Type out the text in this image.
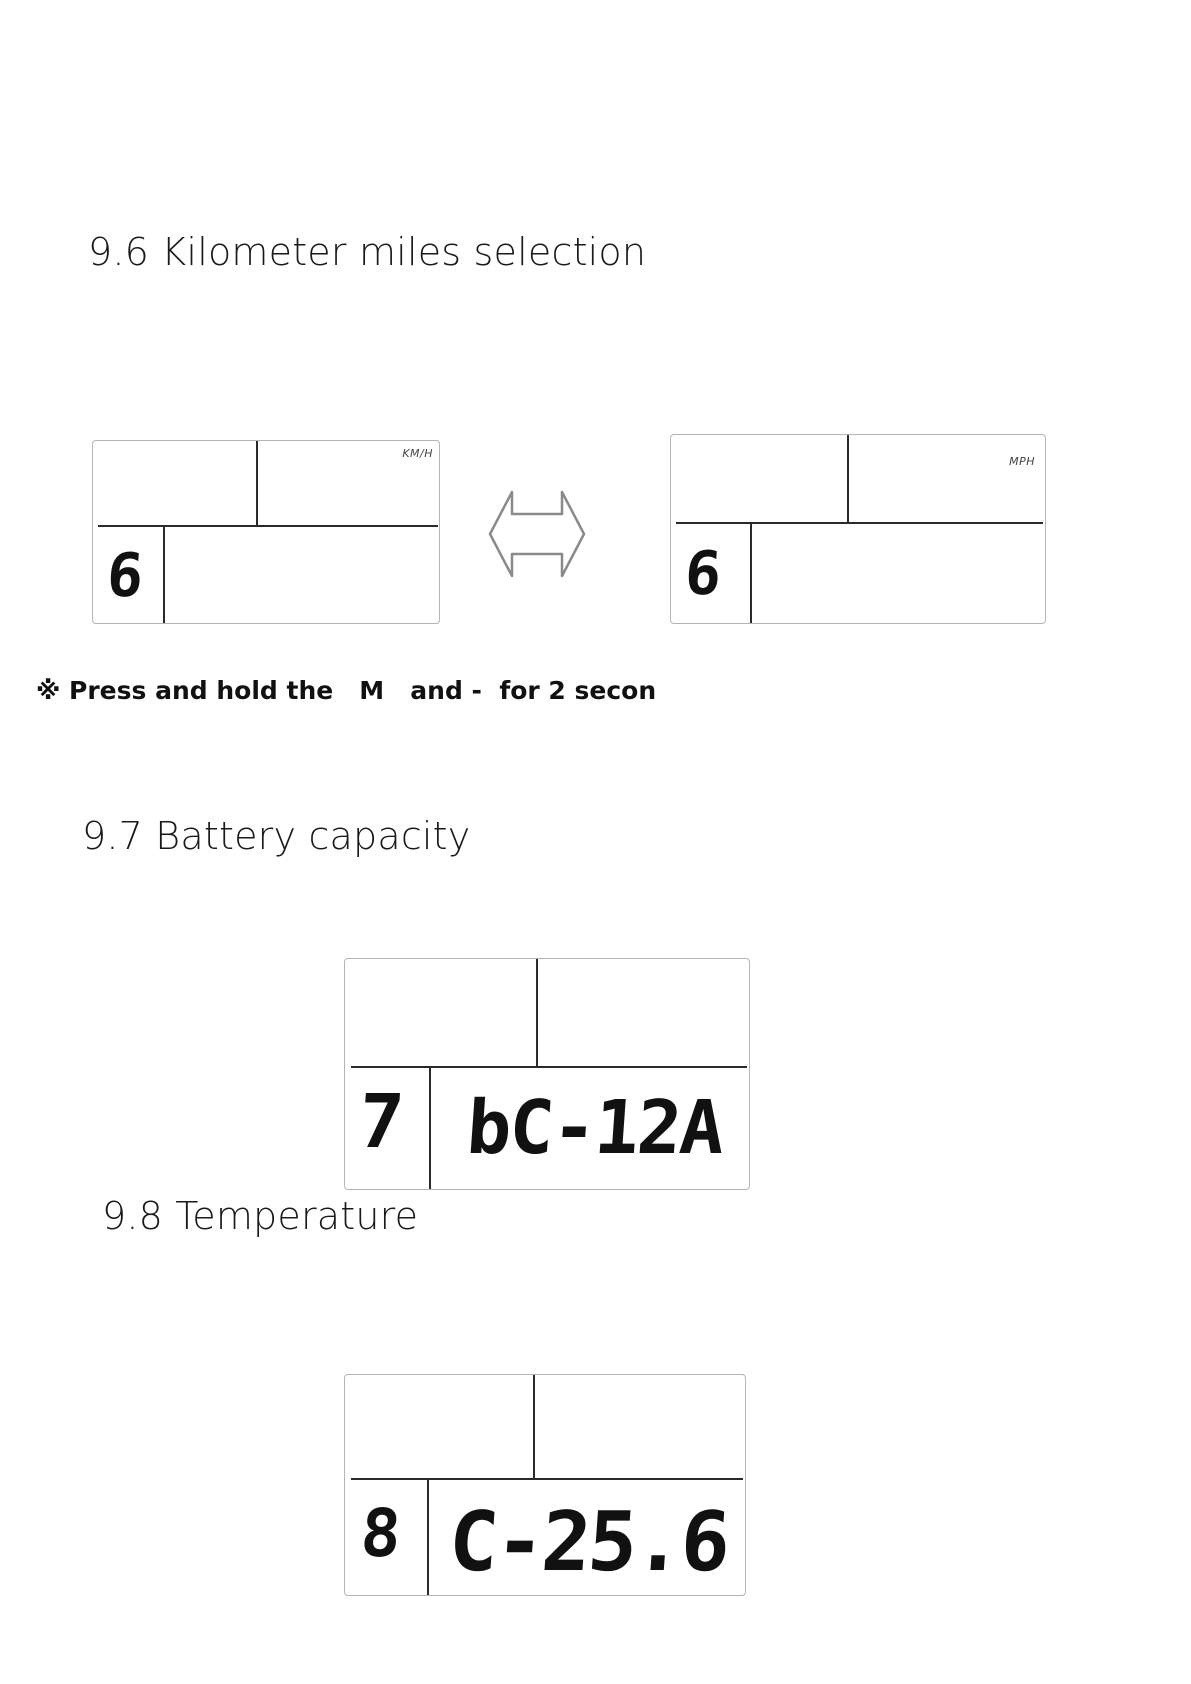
9.6 Kilometer miles selection
KM/H
6
MPH
6
※ Press and hold the   M   and -  for 2 secon
9.7 Battery capacity
7 bC-12A
9.8 Temperature
8 C-25.6
